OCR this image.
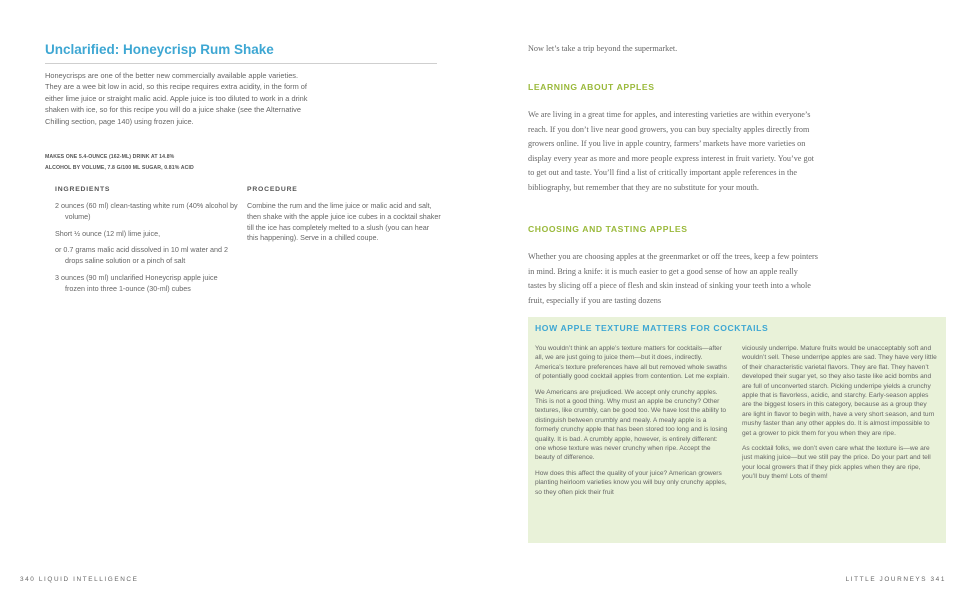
Unclarified: Honeycrisp Rum Shake

Honeycrisps are one of the better new commercially available apple varieties. They are a wee bit low in acid, so this recipe requires extra acidity, in the form of either lime juice or straight malic acid. Apple juice is too diluted to work in a drink shaken with ice, so for this recipe you will do a juice shake (see the Alternative Chilling section, page 140) using frozen juice.

MAKES ONE 5.4-OUNCE (162-ML) DRINK AT 14.8%
ALCOHOL BY VOLUME, 7.8 G/100 ML SUGAR, 0.81% ACID
INGREDIENTS	PROCEDURE
2 ounces (60 ml) clean-tasting white rum (40% alcohol by volume)
Short ½ ounce (12 ml) lime juice,
or 0.7 grams malic acid dissolved in 10 ml water and 2 drops saline solution or a pinch of salt
3 ounces (90 ml) unclarified Honeycrisp apple juice frozen into three 1-ounce (30-ml) cubes

Combine the rum and the lime juice or malic acid and salt, then shake with the apple juice ice cubes in a cocktail shaker till the ice has completely melted to a slush (you can hear this happening). Serve in a chilled coupe.

340 LIQUID INTELLIGENCE

Now let’s take a trip beyond the supermarket.

LEARNING ABOUT APPLES

We are living in a great time for apples, and interesting varieties are within everyone’s reach. If you don’t live near good growers, you can buy specialty apples directly from growers online. If you live in apple country, farmers’ markets have more varieties on display every year as more and more people express interest in fruit variety. You’ve got to get out and taste. You’ll find a list of critically important apple references in the bibliography, but remember that they are no substitute for your mouth.

CHOOSING AND TASTING APPLES

Whether you are choosing apples at the greenmarket or off the trees, keep a few pointers in mind. Bring a knife: it is much easier to get a good sense of how an apple really tastes by slicing off a piece of flesh and skin instead of sinking your teeth into a whole fruit, especially if you are tasting dozens

HOW APPLE TEXTURE MATTERS FOR COCKTAILS

You wouldn’t think an apple’s texture matters for cocktails—after all, we are just going to juice them—but it does, indirectly. America’s texture preferences have all but removed whole swaths of potentially good cocktail apples from contention. Let me explain.

We Americans are prejudiced. We accept only crunchy apples. This is not a good thing. Why must an apple be crunchy? Other textures, like crumbly, can be good too. We have lost the ability to distinguish between crumbly and mealy. A mealy apple is a formerly crunchy apple that has been stored too long and is losing quality. It is bad. A crumbly apple, however, is entirely different: one whose texture was never crunchy when ripe. Accept the beauty of difference.

How does this affect the quality of your juice? American growers planting heirloom varieties know you will buy only crunchy apples, so they often pick their fruit

viciously underripe. Mature fruits would be unacceptably soft and wouldn’t sell. These underripe apples are sad. They have very little of their characteristic varietal flavors. They are flat. They haven’t developed their sugar yet, so they also taste like acid bombs and are full of unconverted starch. Picking underripe yields a crunchy apple that is flavorless, acidic, and starchy. Early-season apples are the biggest losers in this category, because as a group they are light in flavor to begin with, have a very short season, and turn mushy faster than any other apples do. It is almost impossible to get a grower to pick them for you when they are ripe.

As cocktail folks, we don’t even care what the texture is—we are just making juice—but we still pay the price. Do your part and tell your local growers that if they pick apples when they are ripe, you’ll buy them! Lots of them!

LITTLE JOURNEYS 341
